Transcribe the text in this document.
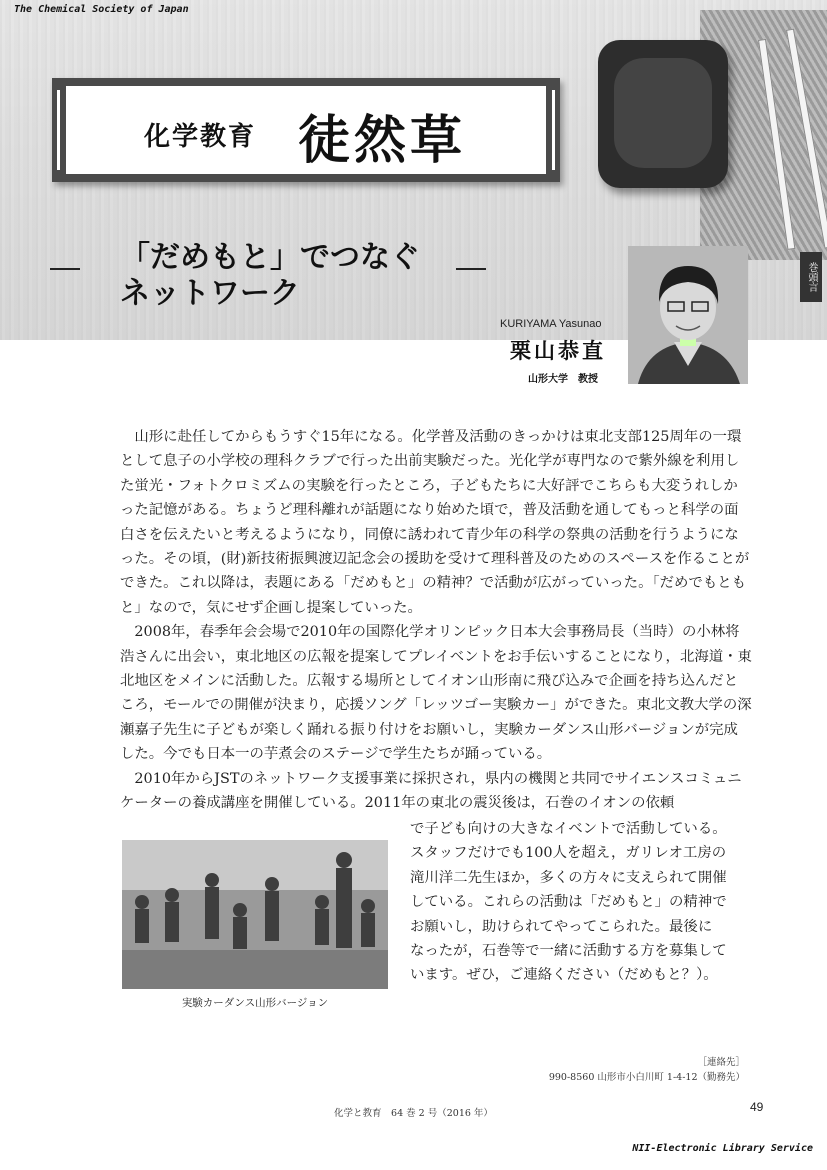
The Chemical Society of Japan
化学教育 徒然草
巻頭言
「だめもと」でつなぐ
ネットワーク
KURIYAMA Yasunao
栗山恭直
山形大学　教授

山形に赴任してからもうすぐ15年になる。化学普及活動のきっかけは東北支部125周年の一環として息子の小学校の理科クラブで行った出前実験だった。光化学が専門なので紫外線を利用した蛍光・フォトクロミズムの実験を行ったところ，子どもたちに大好評でこちらも大変うれしかった記憶がある。ちょうど理科離れが話題になり始めた頃で，普及活動を通してもっと科学の面白さを伝えたいと考えるようになり，同僚に誘われて青少年の科学の祭典の活動を行うようになった。その頃，(財)新技術振興渡辺記念会の援助を受けて理科普及のためのスペースを作ることができた。これ以降は，表題にある「だめもと」の精神？で活動が広がっていった。「だめでもともと」なので，気にせず企画し提案していった。

2008年，春季年会会場で2010年の国際化学オリンピック日本大会事務局長（当時）の小林将浩さんに出会い，東北地区の広報を提案してプレイベントをお手伝いすることになり，北海道・東北地区をメインに活動した。広報する場所としてイオン山形南に飛び込みで企画を持ち込んだところ，モールでの開催が決まり，応援ソング「レッツゴー実験カー」ができた。東北文教大学の深瀬嘉子先生に子どもが楽しく踊れる振り付けをお願いし，実験カーダンス山形バージョンが完成した。今でも日本一の芋煮会のステージで学生たちが踊っている。

2010年からJSTのネットワーク支援事業に採択され，県内の機関と共同でサイエンスコミュニケーターの養成講座を開催している。2011年の東北の震災後は，石巻のイオンの依頼

で子ども向けの大きなイベントで活動している。
スタッフだけでも100人を超え，ガリレオ工房の
滝川洋二先生ほか，多くの方々に支えられて開催
している。これらの活動は「だめもと」の精神で
お願いし，助けられてやってこられた。最後に
なったが，石巻等で一緒に活動する方を募集して
います。ぜひ，ご連絡ください（だめもと？）。
実験カーダンス山形バージョン
［連絡先］
990-8560 山形市小白川町 1-4-12（勤務先）
化学と教育　64 巻 2 号（2016 年）	49
NII-Electronic Library Service
